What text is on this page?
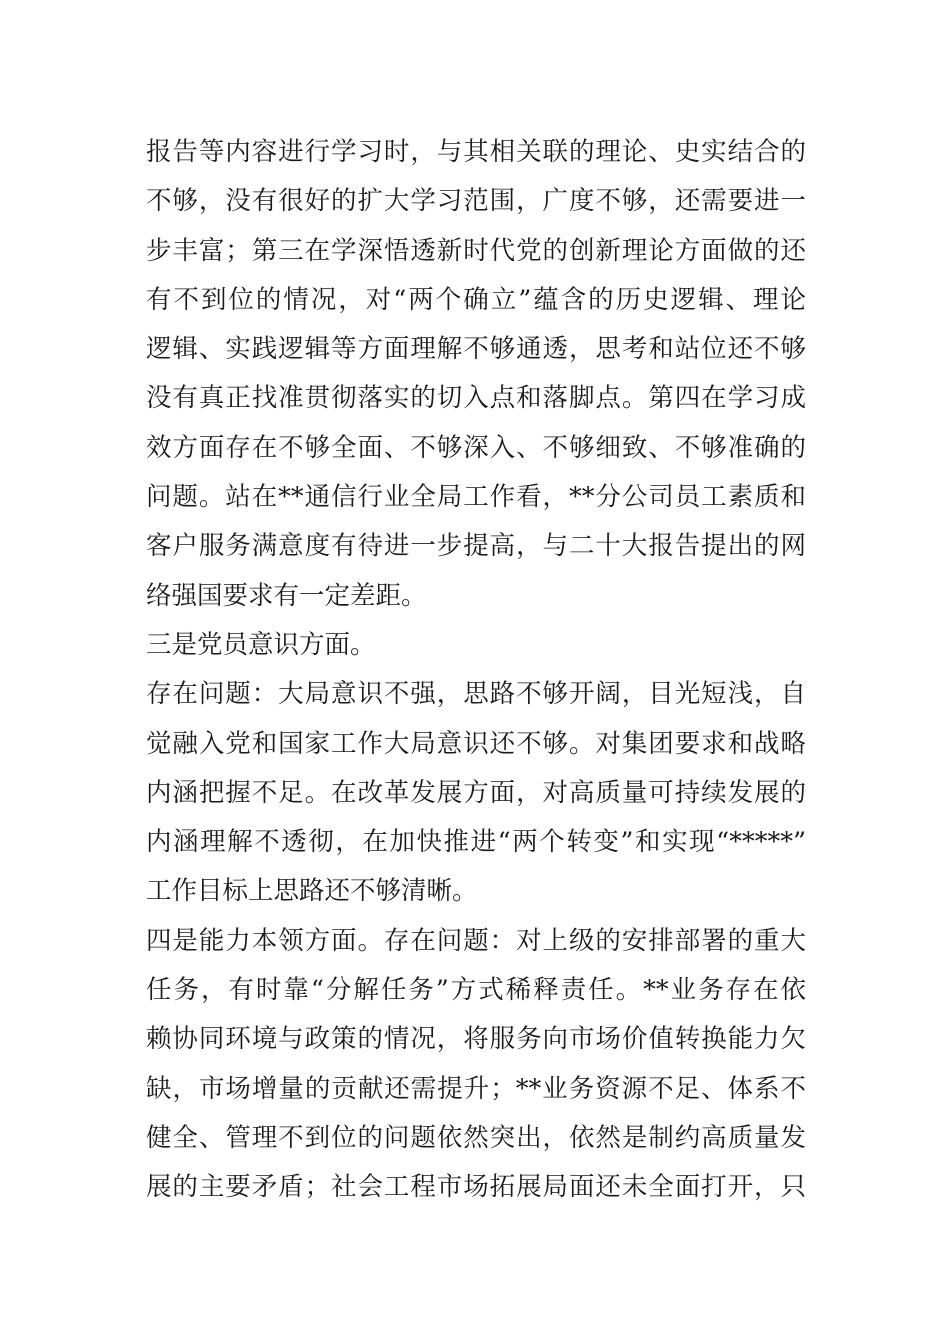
报告等内容进行学习时，与其相关联的理论、史实结合的
不够，没有很好的扩大学习范围，广度不够，还需要进一
步丰富；第三在学深悟透新时代党的创新理论方面做的还
有不到位的情况，对“两个确立”蕴含的历史逻辑、理论
逻辑、实践逻辑等方面理解不够通透，思考和站位还不够
没有真正找准贯彻落实的切入点和落脚点。第四在学习成
效方面存在不够全面、不够深入、不够细致、不够准确的
问题。站在**通信行业全局工作看，**分公司员工素质和
客户服务满意度有待进一步提高，与二十大报告提出的网
络强国要求有一定差距。
三是党员意识方面。
存在问题：大局意识不强，思路不够开阔，目光短浅，自
觉融入党和国家工作大局意识还不够。对集团要求和战略
内涵把握不足。在改革发展方面，对高质量可持续发展的
内涵理解不透彻，在加快推进“两个转变”和实现“*****”
工作目标上思路还不够清晰。
四是能力本领方面。存在问题：对上级的安排部署的重大
任务，有时靠“分解任务”方式稀释责任。**业务存在依
赖协同环境与政策的情况，将服务向市场价值转换能力欠
缺，市场增量的贡献还需提升；**业务资源不足、体系不
健全、管理不到位的问题依然突出，依然是制约高质量发
展的主要矛盾；社会工程市场拓展局面还未全面打开，只
